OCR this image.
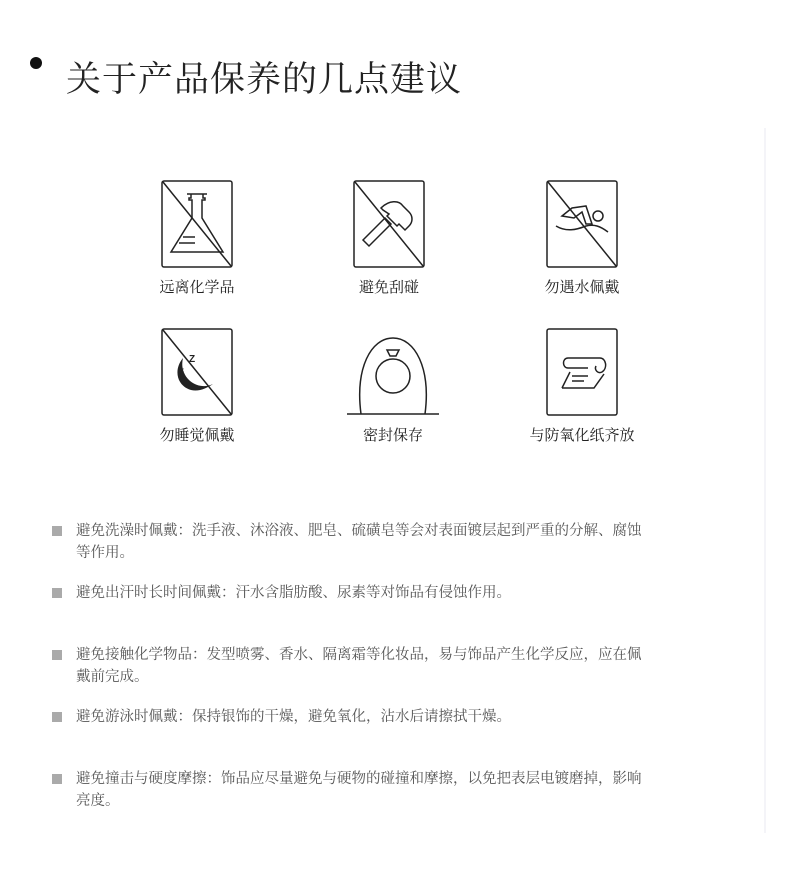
关于产品保养的几点建议
远离化学品	避免刮碰	勿遇水佩戴
Z
z
勿睡觉佩戴	密封保存	与防氧化纸齐放
避免洗澡时佩戴：洗手液、沐浴液、肥皂、硫磺皂等会对表面镀层起到严重的分解、腐蚀
等作用。
避免出汗时长时间佩戴：汗水含脂肪酸、尿素等对饰品有侵蚀作用。
避免接触化学物品：发型喷雾、香水、隔离霜等化妆品，易与饰品产生化学反应，应在佩
戴前完成。
避免游泳时佩戴：保持银饰的干燥，避免氧化，沾水后请擦拭干燥。
避免撞击与硬度摩擦：饰品应尽量避免与硬物的碰撞和摩擦，以免把表层电镀磨掉，影响
亮度。
